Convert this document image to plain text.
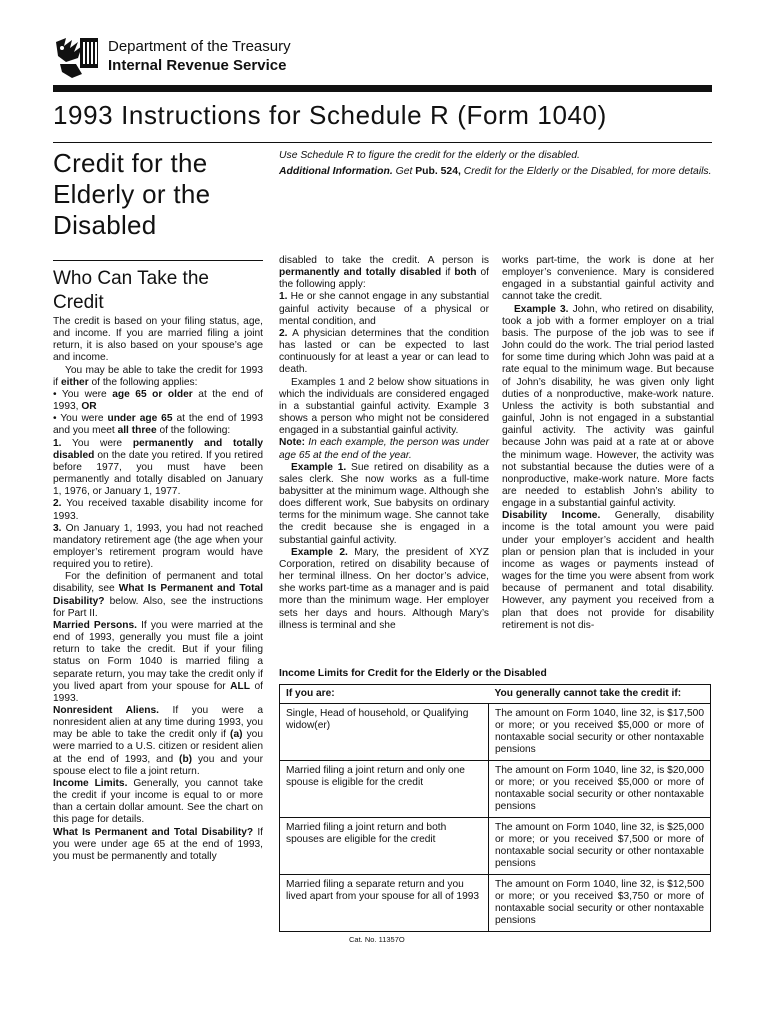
Department of the Treasury
Internal Revenue Service
1993 Instructions for Schedule R (Form 1040)
Credit for the
Elderly or the
Disabled

Use Schedule R to figure the credit for the elderly or the disabled.

Additional Information. Get Pub. 524, Credit for the Elderly or the Disabled, for more details.

Who Can Take the
Credit

The credit is based on your filing status, age, and income. If you are married filing a joint return, it is also based on your spouse’s age and income.

You may be able to take the credit for 1993 if either of the following applies:

• You were age 65 or older at the end of 1993, OR

• You were under age 65 at the end of 1993 and you meet all three of the following:

1. You were permanently and totally disabled on the date you retired. If you retired before 1977, you must have been permanently and totally disabled on January 1, 1976, or January 1, 1977.

2. You received taxable disability income for 1993.

3. On January 1, 1993, you had not reached mandatory retirement age (the age when your employer’s retirement program would have required you to retire).

For the definition of permanent and total disability, see What Is Permanent and Total Disability? below. Also, see the instructions for Part II.

Married Persons. If you were married at the end of 1993, generally you must file a joint return to take the credit. But if your filing status on Form 1040 is married filing a separate return, you may take the credit only if you lived apart from your spouse for ALL of 1993.

Nonresident Aliens. If you were a nonresident alien at any time during 1993, you may be able to take the credit only if (a) you were married to a U.S. citizen or resident alien at the end of 1993, and (b) you and your spouse elect to file a joint return.

Income Limits. Generally, you cannot take the credit if your income is equal to or more than a certain dollar amount. See the chart on this page for details.

What Is Permanent and Total Disability? If you were under age 65 at the end of 1993, you must be permanently and totally

disabled to take the credit. A person is permanently and totally disabled if both of the following apply:

1. He or she cannot engage in any substantial gainful activity because of a physical or mental condition, and

2. A physician determines that the condition has lasted or can be expected to last continuously for at least a year or can lead to death.

Examples 1 and 2 below show situations in which the individuals are considered engaged in a substantial gainful activity. Example 3 shows a person who might not be considered engaged in a substantial gainful activity.

Note: In each example, the person was under age 65 at the end of the year.

Example 1. Sue retired on disability as a sales clerk. She now works as a full-time babysitter at the minimum wage. Although she does different work, Sue babysits on ordinary terms for the minimum wage. She cannot take the credit because she is engaged in a substantial gainful activity.

Example 2. Mary, the president of XYZ Corporation, retired on disability because of her terminal illness. On her doctor’s advice, she works part-time as a manager and is paid more than the minimum wage. Her employer sets her days and hours. Although Mary’s illness is terminal and she

works part-time, the work is done at her employer’s convenience. Mary is considered engaged in a substantial gainful activity and cannot take the credit.

Example 3. John, who retired on disability, took a job with a former employer on a trial basis. The purpose of the job was to see if John could do the work. The trial period lasted for some time during which John was paid at a rate equal to the minimum wage. But because of John’s disability, he was given only light duties of a nonproductive, make-work nature. Unless the activity is both substantial and gainful, John is not engaged in a substantial gainful activity. The activity was gainful because John was paid at a rate at or above the minimum wage. However, the activity was not substantial because the duties were of a nonproductive, make-work nature. More facts are needed to establish John’s ability to engage in a substantial gainful activity.

Disability Income. Generally, disability income is the total amount you were paid under your employer’s accident and health plan or pension plan that is included in your income as wages or payments instead of wages for the time you were absent from work because of permanent and total disability. However, any payment you received from a plan that does not provide for disability retirement is not dis-

Income Limits for Credit for the Elderly or the Disabled
If you are:	You generally cannot take the credit if:
Single, Head of household, or Qualifying widow(er)	The amount on Form 1040, line 32, is $17,500 or more; or you received $5,000 or more of nontaxable social security or other nontaxable pensions
Married filing a joint return and only one spouse is eligible for the credit	The amount on Form 1040, line 32, is $20,000 or more; or you received $5,000 or more of nontaxable social security or other nontaxable pensions
Married filing a joint return and both spouses are eligible for the credit	The amount on Form 1040, line 32, is $25,000 or more; or you received $7,500 or more of nontaxable social security or other nontaxable pensions
Married filing a separate return and you lived apart from your spouse for all of 1993	The amount on Form 1040, line 32, is $12,500 or more; or you received $3,750 or more of nontaxable social security or other nontaxable pensions
Cat. No. 11357O
